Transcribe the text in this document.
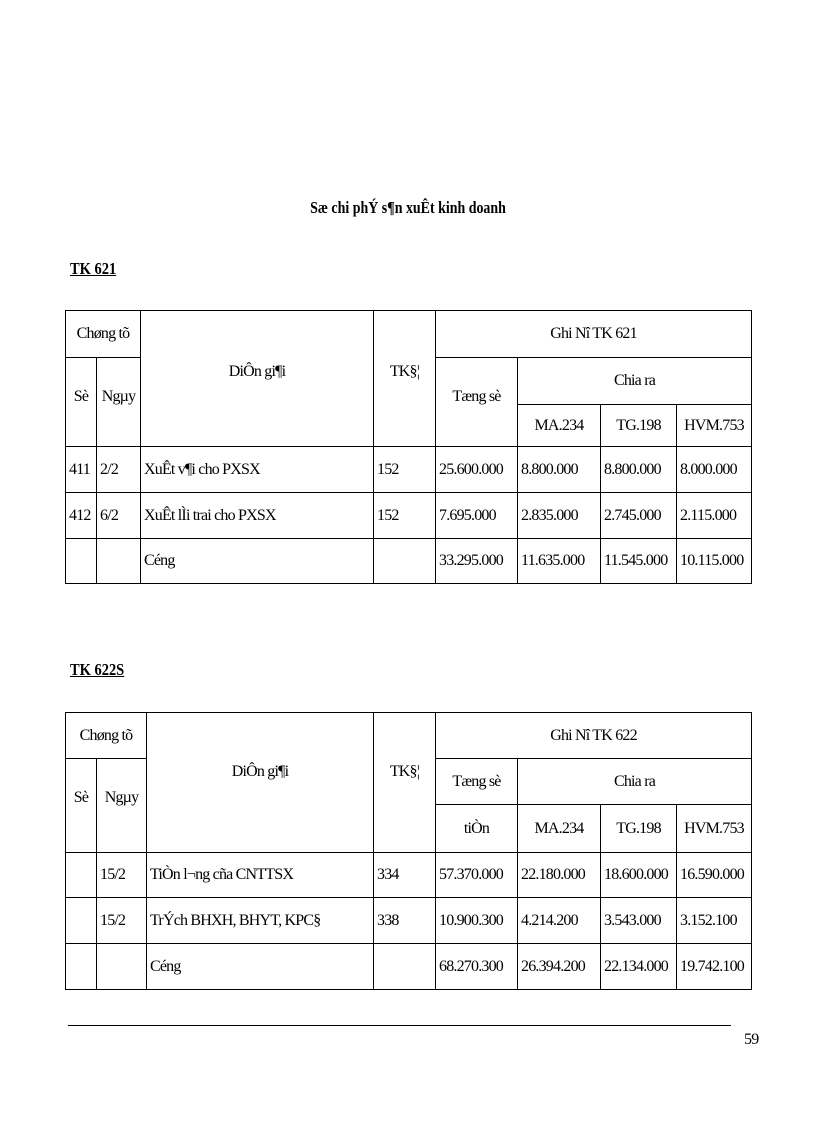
Sæ chi phÝ s¶n xuÊt kinh doanh
TK 621
Chøng tõ		DiÔn gi¶i	TK§¦	Ghi Nî TK 621			
Sè	Ngµy			Tæng sè	Chia ra		
					MA.234	TG.198	HVM.753
411	2/2	XuÊt v¶i cho PXSX	152	25.600.000	8.800.000	8.800.000	8.000.000
412	6/2	XuÊt lÌi trai cho PXSX	152	7.695.000	2.835.000	2.745.000	2.115.000
		Céng		33.295.000	11.635.000	11.545.000	10.115.000
TK 622S
Chøng tõ		DiÔn gi¶i	TK§¦	Ghi Nî TK 622			
Sè	Ngµy			Tæng sè	Chia ra		
				tiÒn	MA.234	TG.198	HVM.753
	15/2	TiÒn l¬ng cña CNTTSX	334	57.370.000	22.180.000	18.600.000	16.590.000
	15/2	TrÝch BHXH, BHYT, KPC§	338	10.900.300	4.214.200	3.543.000	3.152.100
		Céng		68.270.300	26.394.200	22.134.000	19.742.100
59
